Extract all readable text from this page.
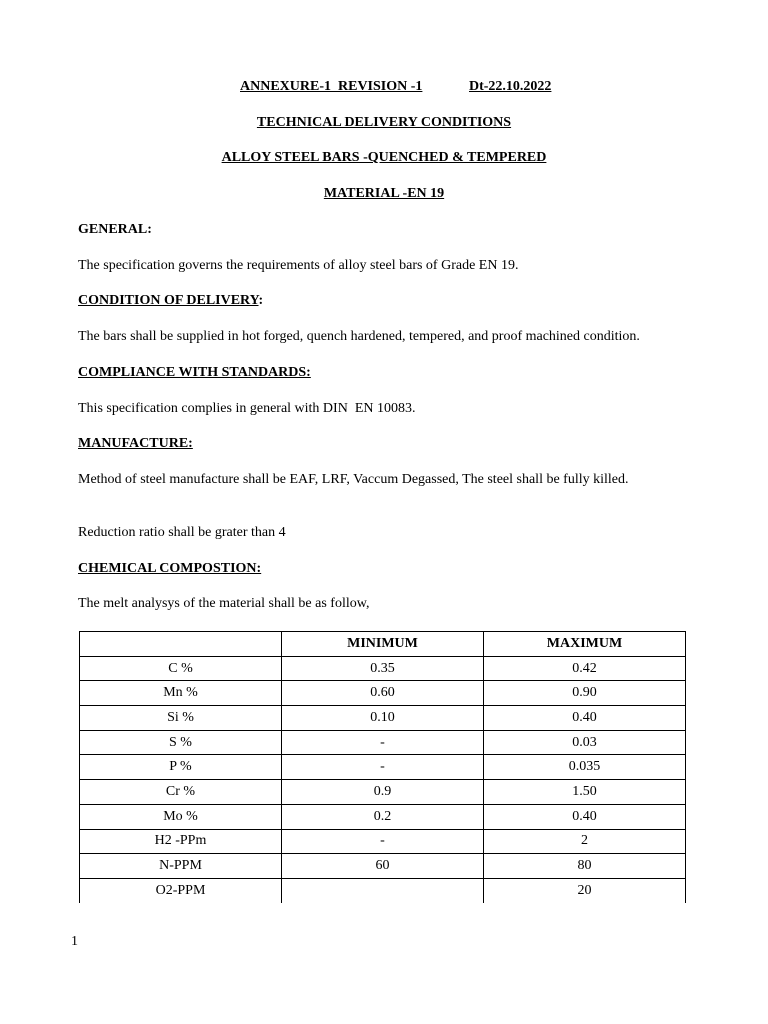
ANNEXURE-1  REVISION -1	Dt-22.10.2022
TECHNICAL DELIVERY CONDITIONS
ALLOY STEEL BARS -QUENCHED & TEMPERED
MATERIAL -EN 19
GENERAL:
The specification governs the requirements of alloy steel bars of Grade EN 19.
CONDITION OF DELIVERY:
The bars shall be supplied in hot forged, quench hardened, tempered, and proof machined condition.
COMPLIANCE WITH STANDARDS:
This specification complies in general with DIN  EN 10083.
MANUFACTURE:
Method of steel manufacture shall be EAF, LRF, Vaccum Degassed, The steel shall be fully killed.
Reduction ratio shall be grater than 4
CHEMICAL COMPOSTION:
The melt analysys of the material shall be as follow,
	MINIMUM	MAXIMUM
C %	0.35	0.42
Mn %	0.60	0.90
Si %	0.10	0.40
S %	-	0.03
P %	-	0.035
Cr %	0.9	1.50
Mo %	0.2	0.40
H2 -PPm	-	2
N-PPM	60	80
O2-PPM		20
1
